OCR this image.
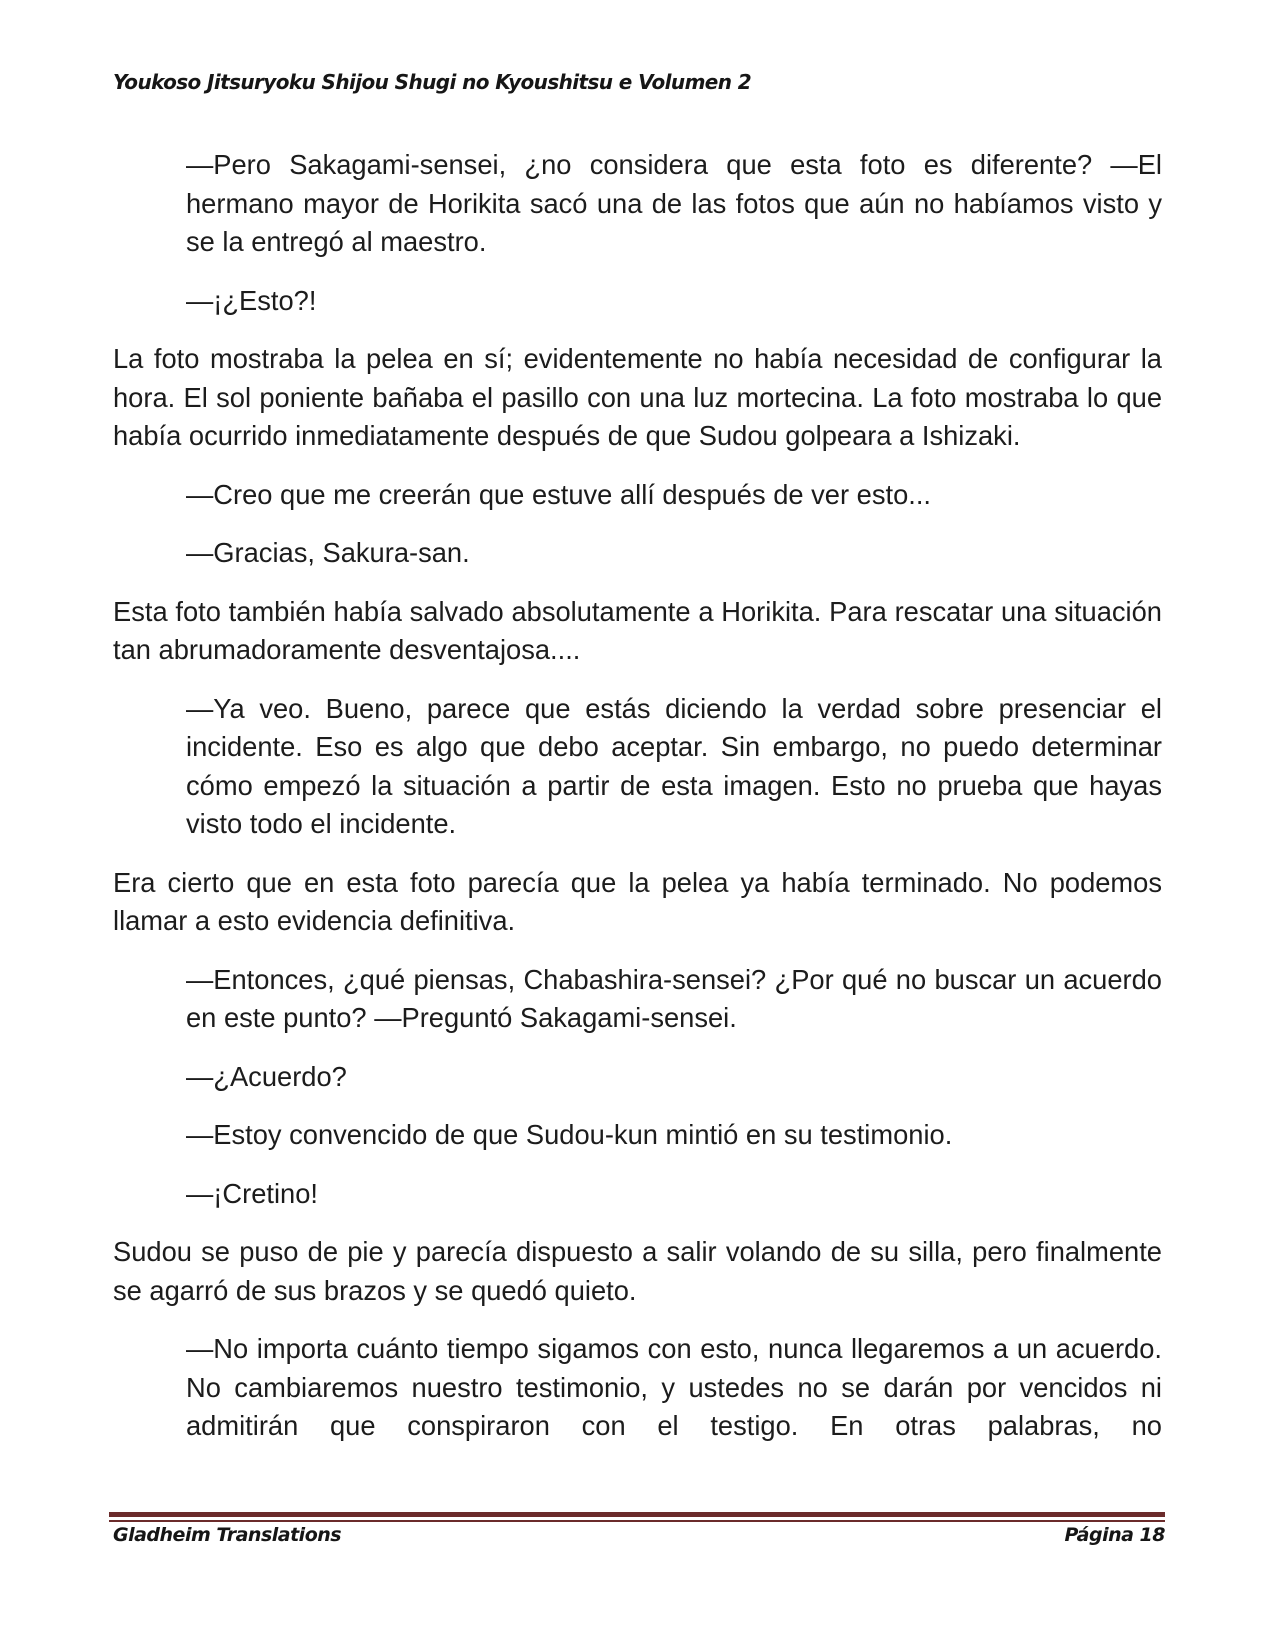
Youkoso Jitsuryoku Shijou Shugi no Kyoushitsu e Volumen 2

—Pero Sakagami-sensei, ¿no considera que esta foto es diferente? —El hermano mayor de Horikita sacó una de las fotos que aún no habíamos visto y se la entregó al maestro.

—¡¿Esto?!

La foto mostraba la pelea en sí; evidentemente no había necesidad de configurar la hora. El sol poniente bañaba el pasillo con una luz mortecina. La foto mostraba lo que había ocurrido inmediatamente después de que Sudou golpeara a Ishizaki.

—Creo que me creerán que estuve allí después de ver esto...

—Gracias, Sakura-san.

Esta foto también había salvado absolutamente a Horikita. Para rescatar una situación tan abrumadoramente desventajosa....

—Ya veo. Bueno, parece que estás diciendo la verdad sobre presenciar el incidente. Eso es algo que debo aceptar. Sin embargo, no puedo determinar cómo empezó la situación a partir de esta imagen. Esto no prueba que hayas visto todo el incidente.

Era cierto que en esta foto parecía que la pelea ya había terminado. No podemos llamar a esto evidencia definitiva.

—Entonces, ¿qué piensas, Chabashira-sensei? ¿Por qué no buscar un acuerdo en este punto? —Preguntó Sakagami-sensei.

—¿Acuerdo?

—Estoy convencido de que Sudou-kun mintió en su testimonio.

—¡Cretino!

Sudou se puso de pie y parecía dispuesto a salir volando de su silla, pero finalmente se agarró de sus brazos y se quedó quieto.

—No importa cuánto tiempo sigamos con esto, nunca llegaremos a un acuerdo. No cambiaremos nuestro testimonio, y ustedes no se darán por vencidos ni admitirán que conspiraron con el testigo. En otras palabras, no

Gladheim Translations	Página 18
